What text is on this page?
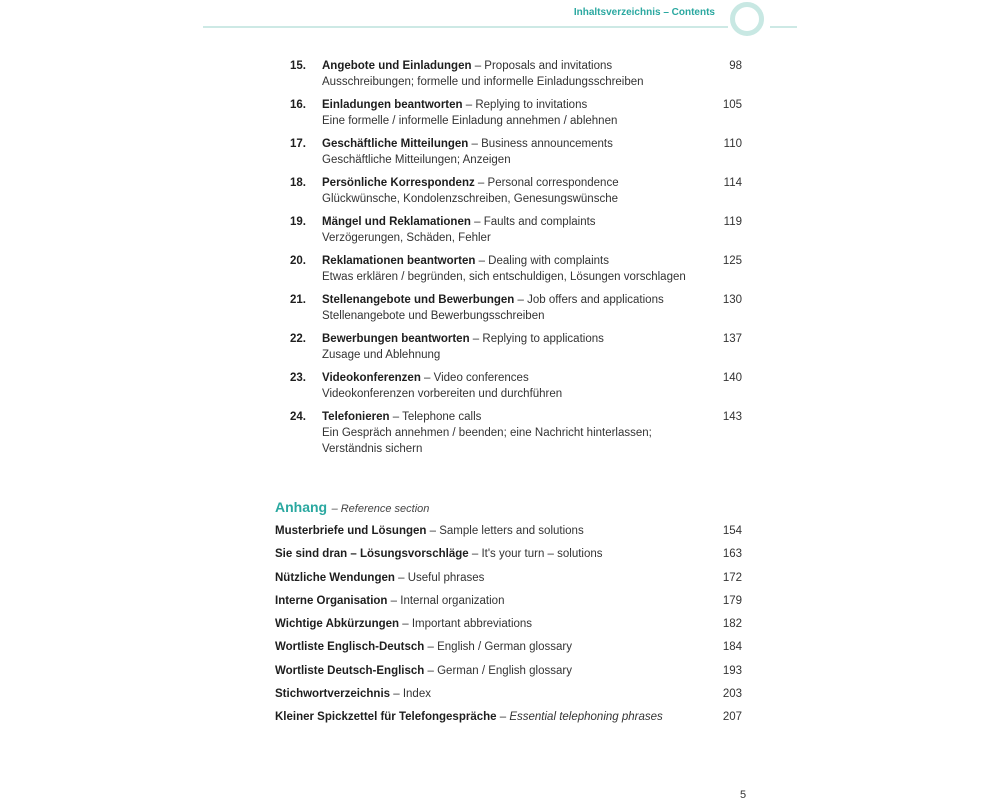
Inhaltsverzeichnis – Contents
15. Angebote und Einladungen – Proposals and invitations
Ausschreibungen; formelle und informelle Einladungsschreiben
98
16. Einladungen beantworten – Replying to invitations
Eine formelle / informelle Einladung annehmen / ablehnen
105
17. Geschäftliche Mitteilungen – Business announcements
Geschäftliche Mitteilungen; Anzeigen
110
18. Persönliche Korrespondenz – Personal correspondence
Glückwünsche, Kondolenzschreiben, Genesungswünsche
114
19. Mängel und Reklamationen – Faults and complaints
Verzögerungen, Schäden, Fehler
119
20. Reklamationen beantworten – Dealing with complaints
Etwas erklären / begründen, sich entschuldigen, Lösungen vorschlagen
125
21. Stellenangebote und Bewerbungen – Job offers and applications
Stellenangebote und Bewerbungsschreiben
130
22. Bewerbungen beantworten – Replying to applications
Zusage und Ablehnung
137
23. Videokonferenzen – Video conferences
Videokonferenzen vorbereiten und durchführen
140
24. Telefonieren – Telephone calls
Ein Gespräch annehmen / beenden; eine Nachricht hinterlassen;
Verständnis sichern
143
Anhang – Reference section
Musterbriefe und Lösungen – Sample letters and solutions	154
Sie sind dran – Lösungsvorschläge – It's your turn – solutions	163
Nützliche Wendungen – Useful phrases	172
Interne Organisation – Internal organization	179
Wichtige Abkürzungen – Important abbreviations	182
Wortliste Englisch-Deutsch – English / German glossary	184
Wortliste Deutsch-Englisch – German / English glossary	193
Stichwortverzeichnis – Index	203
Kleiner Spickzettel für Telefongespräche – Essential telephoning phrases	207
5
